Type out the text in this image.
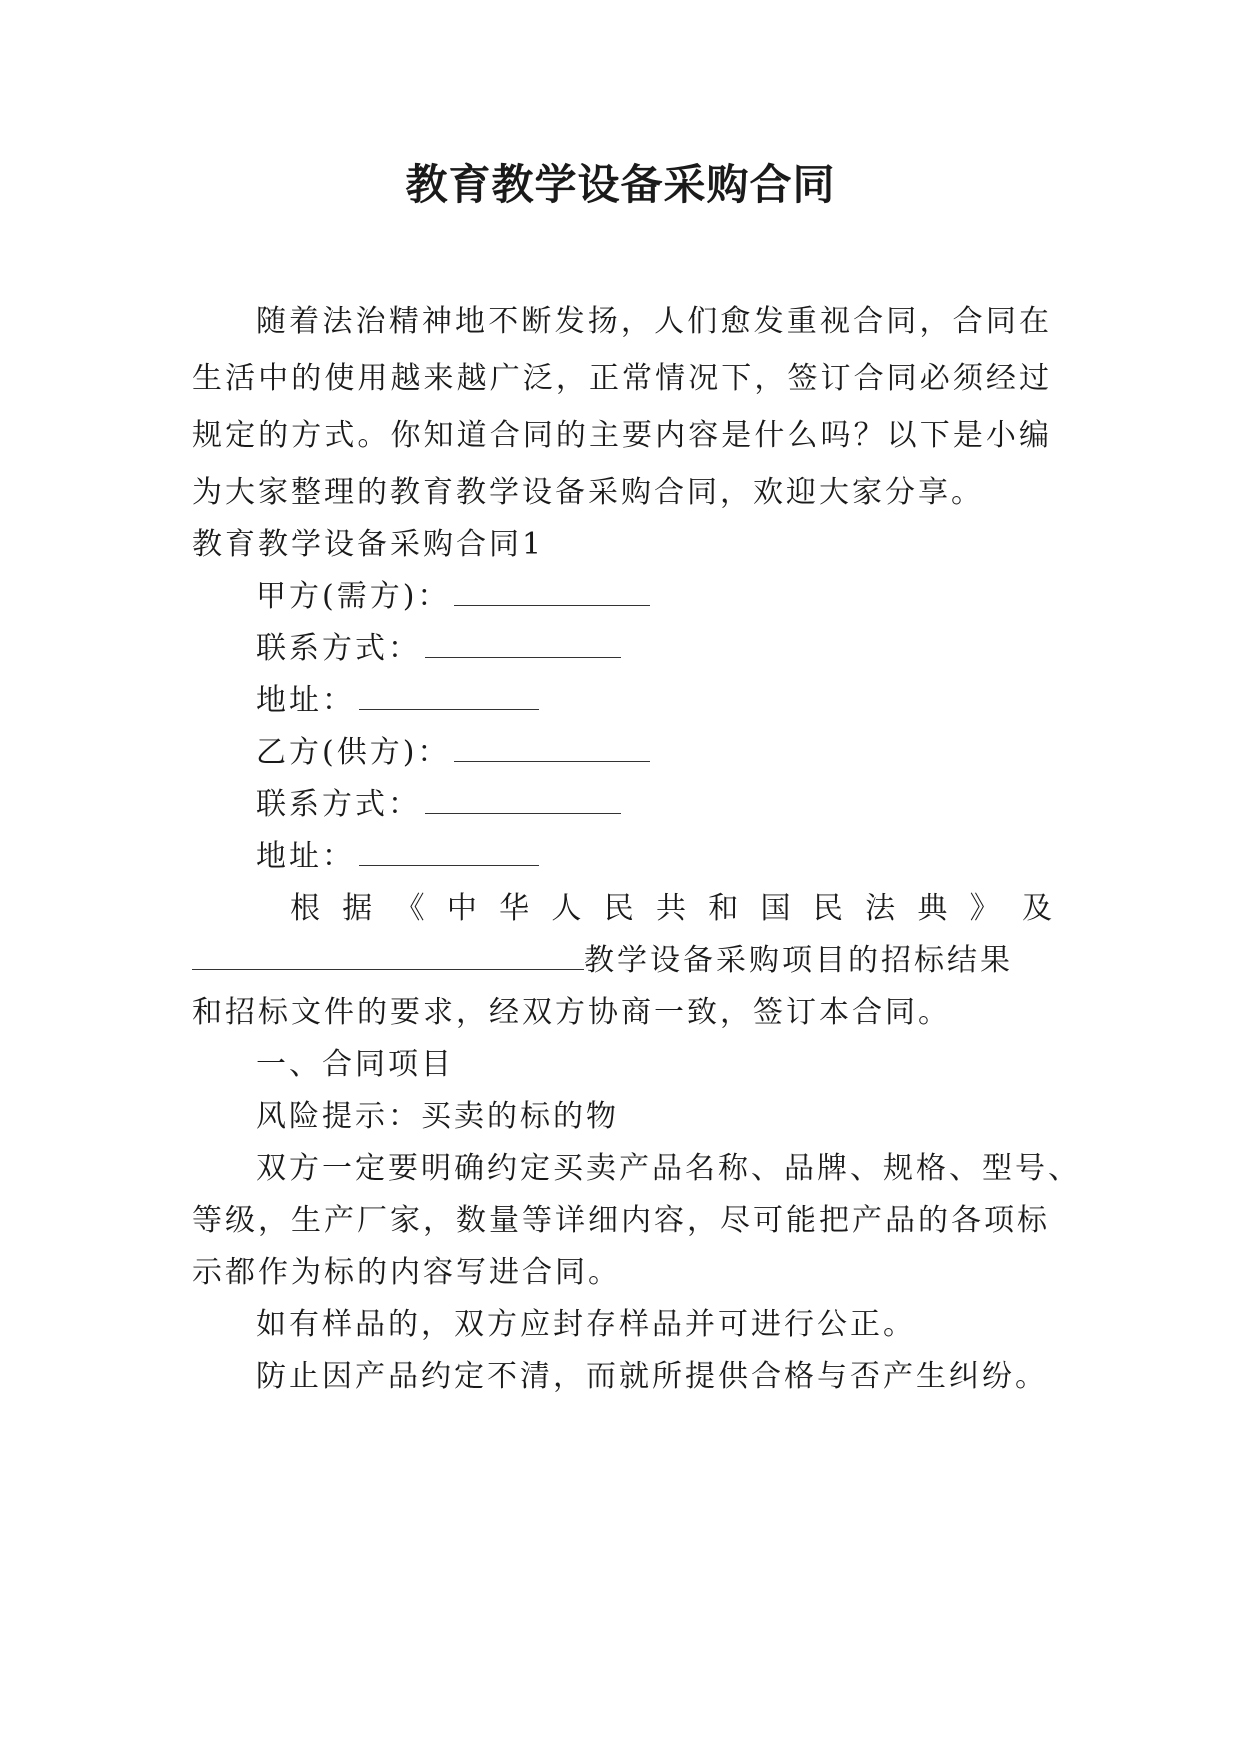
教育教学设备采购合同

随着法治精神地不断发扬，人们愈发重视合同，合同在生活中的使用越来越广泛，正常情况下，签订合同必须经过规定的方式。你知道合同的主要内容是什么吗？以下是小编为大家整理的教育教学设备采购合同，欢迎大家分享。

教育教学设备采购合同1
甲方(需方)：
联系方式：
地址：
乙方(供方)：
联系方式：
地址：
根 据 《 中 华 人 民 共 和 国 民 法 典 》 及
教学设备采购项目的招标结果
和招标文件的要求，经双方协商一致，签订本合同。
一、合同项目
风险提示：买卖的标的物
双方一定要明确约定买卖产品名称、品牌、规格、型号、
等级，生产厂家，数量等详细内容，尽可能把产品的各项标
示都作为标的内容写进合同。
如有样品的，双方应封存样品并可进行公正。
防止因产品约定不清，而就所提供合格与否产生纠纷。
